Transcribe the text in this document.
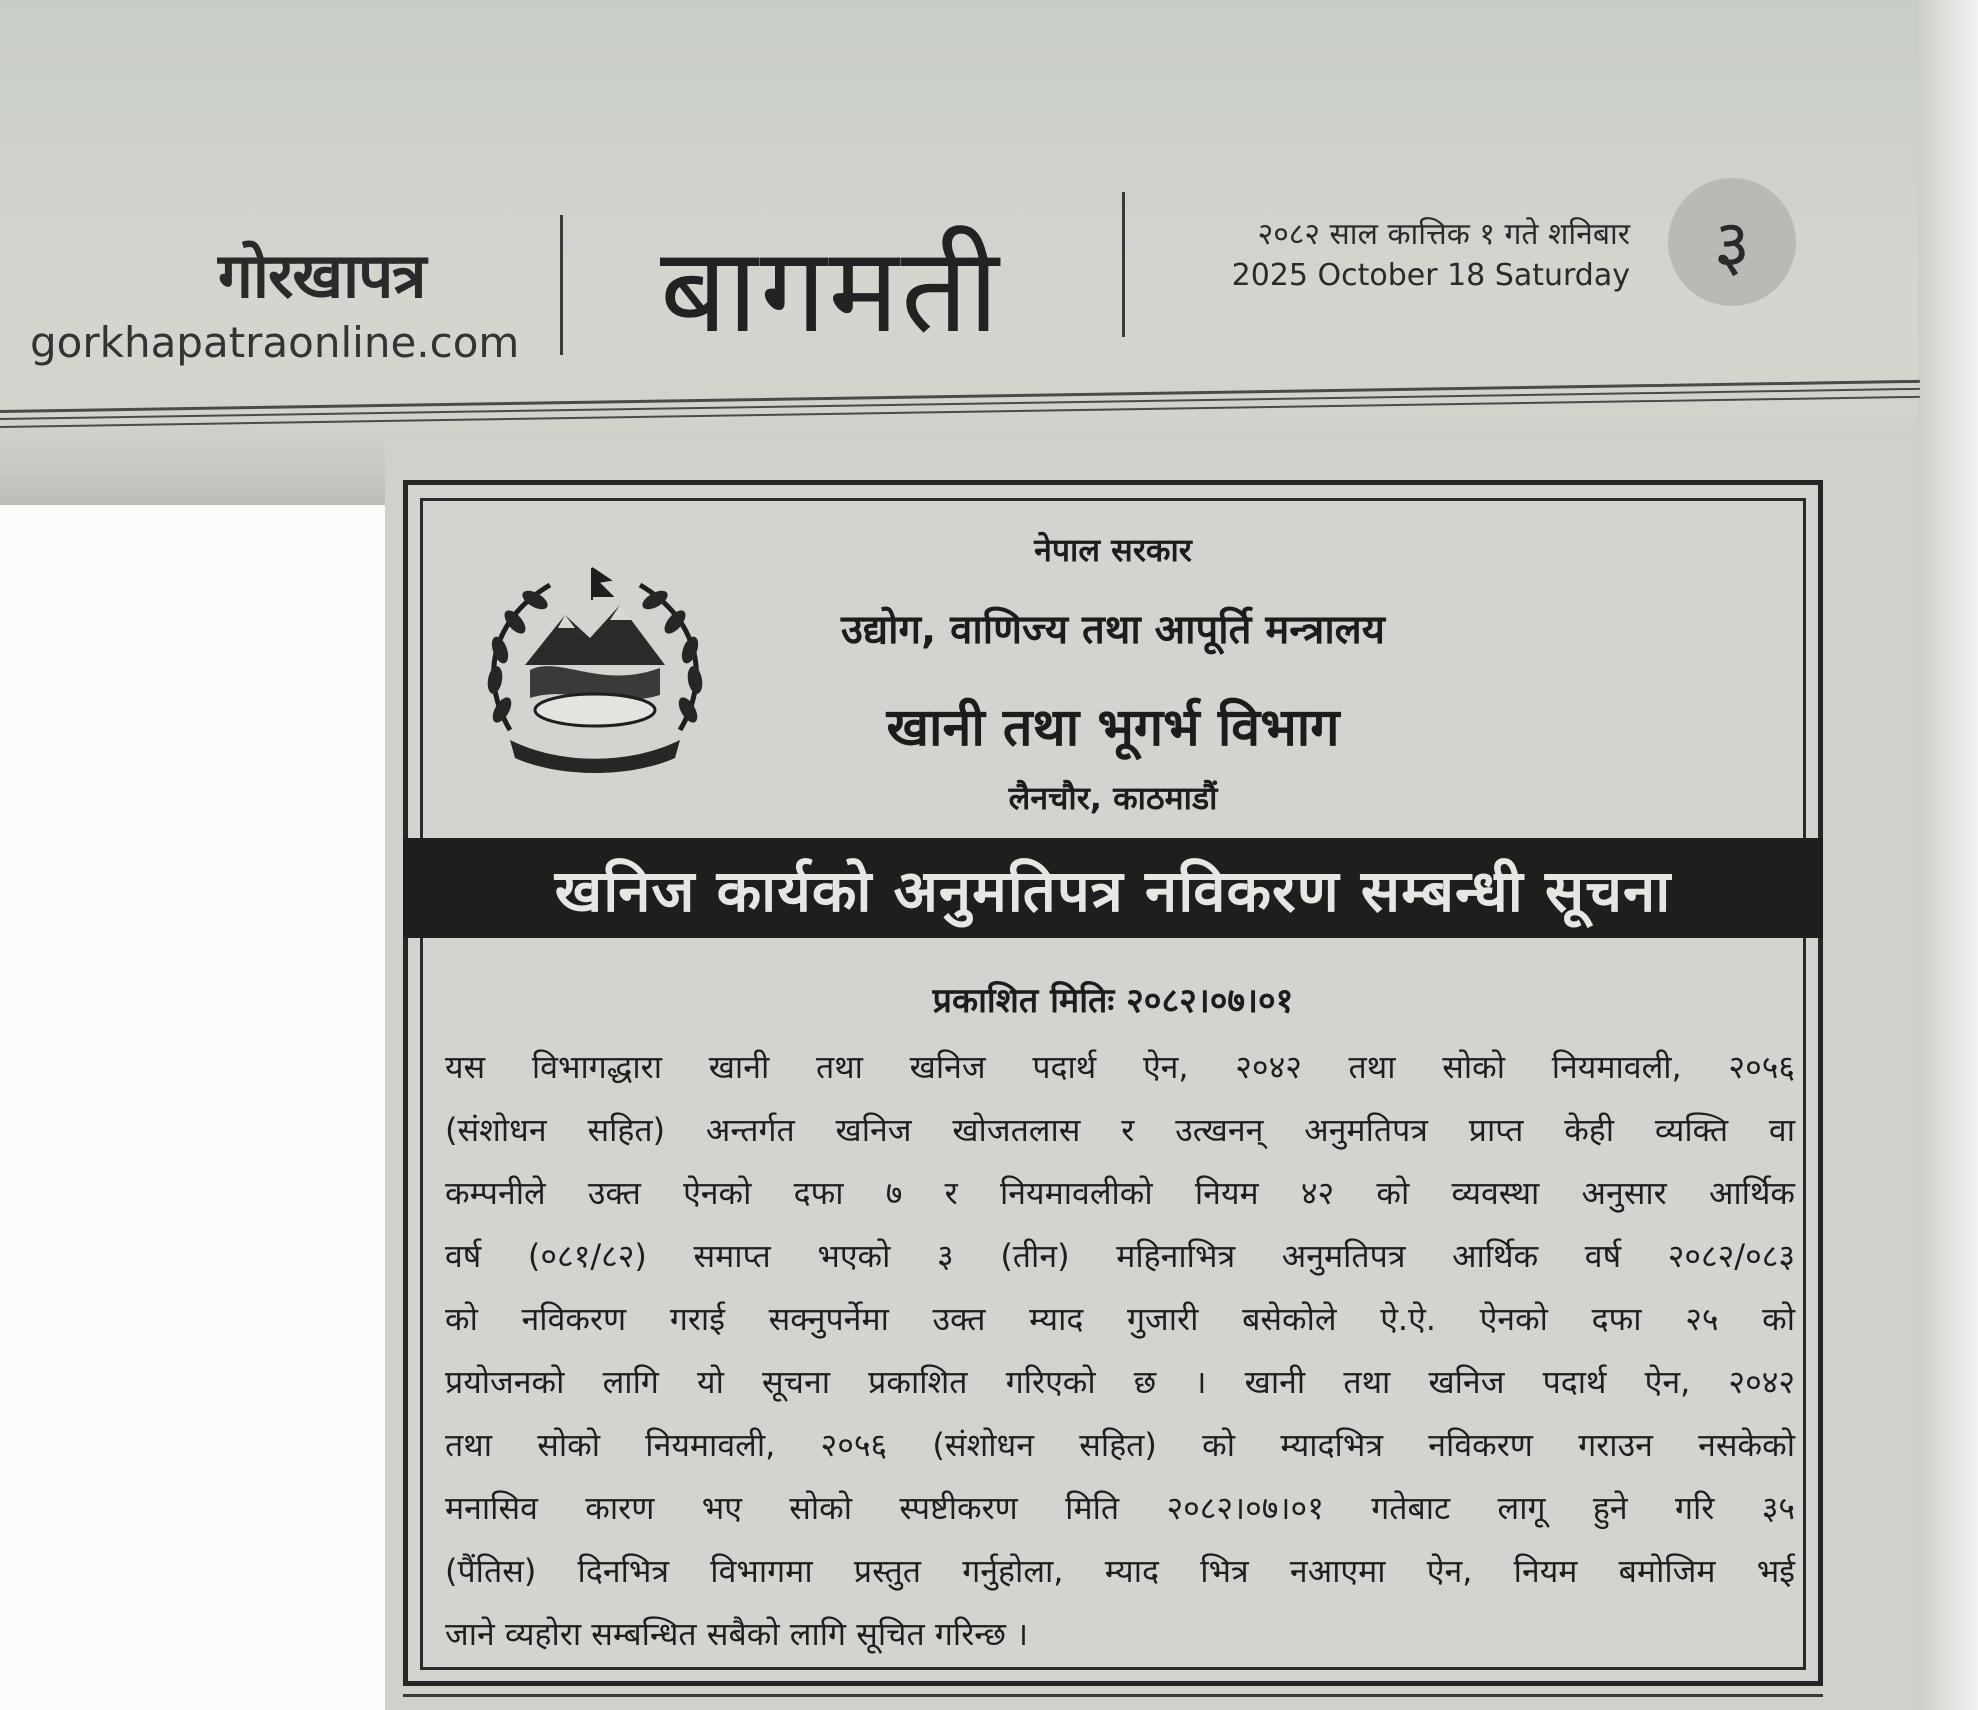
गोरखापत्र
gorkhapatraonline.com बागमती	२०८२ साल कात्तिक १ गते शनिबार
2025 October 18 Saturday ३
नेपाल सरकार
उद्योग, वाणिज्य तथा आपूर्ति मन्त्रालय
खानी तथा भूगर्भ विभाग
लैनचौर, काठमाडौं
खनिज कार्यको अनुमतिपत्र नविकरण सम्बन्धी सूचना
प्रकाशित मितिः २०८२।०७।०१
यस विभागद्धारा खानी तथा खनिज पदार्थ ऐन, २०४२ तथा सोको नियमावली, २०५६
(संशोधन सहित) अन्तर्गत खनिज खोजतलास र उत्खनन् अनुमतिपत्र प्राप्त केही व्यक्ति वा
कम्पनीले उक्त ऐनको दफा ७ र नियमावलीको नियम ४२ को व्यवस्था अनुसार आर्थिक
वर्ष (०८१/८२) समाप्त भएको ३ (तीन) महिनाभित्र अनुमतिपत्र आर्थिक वर्ष २०८२/०८३
को नविकरण गराई सक्नुपर्नेमा उक्त म्याद गुजारी बसेकोले ऐ.ऐ. ऐनको दफा २५ को
प्रयोजनको लागि यो सूचना प्रकाशित गरिएको छ । खानी तथा खनिज पदार्थ ऐन, २०४२
तथा सोको नियमावली, २०५६ (संशोधन सहित) को म्यादभित्र नविकरण गराउन नसकेको
मनासिव कारण भए सोको स्पष्टीकरण मिति २०८२।०७।०१ गतेबाट लागू हुने गरि ३५
(पैंतिस) दिनभित्र विभागमा प्रस्तुत गर्नुहोला, म्याद भित्र नआएमा ऐन, नियम बमोजिम भई
जाने व्यहोरा सम्बन्धित सबैको लागि सूचित गरिन्छ ।
